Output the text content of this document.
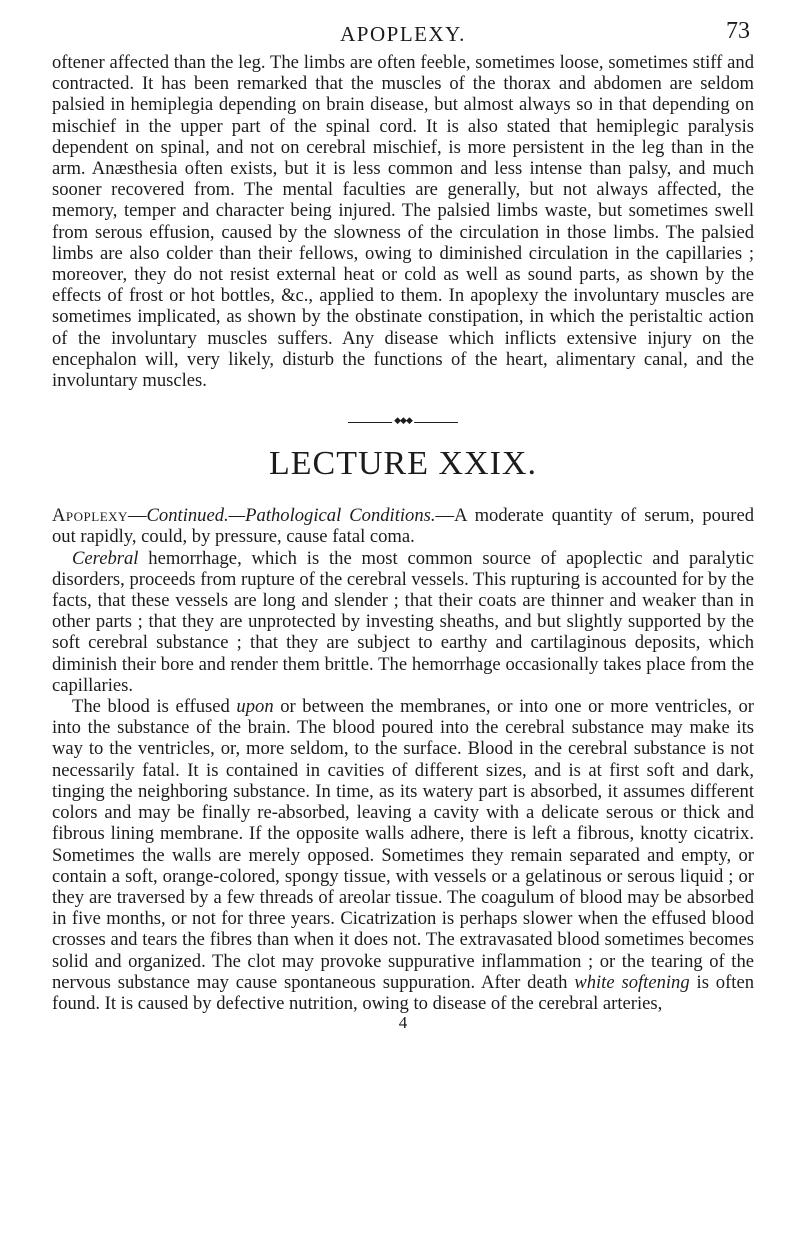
APOPLEXY.	73

oftener affected than the leg. The limbs are often feeble, sometimes loose, sometimes stiff and contracted. It has been remarked that the muscles of the thorax and abdomen are seldom palsied in hemiplegia depending on brain disease, but almost always so in that depending on mischief in the upper part of the spinal cord. It is also stated that hemiplegic paralysis dependent on spinal, and not on cerebral mischief, is more persistent in the leg than in the arm. Anæsthesia often exists, but it is less common and less intense than palsy, and much sooner recovered from. The mental faculties are generally, but not always affected, the memory, temper and character being injured. The palsied limbs waste, but sometimes swell from serous effusion, caused by the slowness of the circulation in those limbs. The palsied limbs are also colder than their fellows, owing to diminished circulation in the capillaries ; moreover, they do not resist external heat or cold as well as sound parts, as shown by the effects of frost or hot bottles, &c., applied to them. In apoplexy the involuntary muscles are sometimes implicated, as shown by the obstinate constipation, in which the peristaltic action of the involuntary muscles suffers. Any disease which inflicts extensive injury on the encephalon will, very likely, disturb the functions of the heart, alimentary canal, and the involuntary muscles.

◆◆◆
LECTURE XXIX.

Apoplexy—Continued.—Pathological Conditions.—A moderate quantity of serum, poured out rapidly, could, by pressure, cause fatal coma.

Cerebral hemorrhage, which is the most common source of apoplectic and paralytic disorders, proceeds from rupture of the cerebral vessels. This rupturing is accounted for by the facts, that these vessels are long and slender ; that their coats are thinner and weaker than in other parts ; that they are unprotected by investing sheaths, and but slightly supported by the soft cerebral substance ; that they are subject to earthy and cartilaginous deposits, which diminish their bore and render them brittle. The hemorrhage occasionally takes place from the capillaries.

The blood is effused upon or between the membranes, or into one or more ventricles, or into the substance of the brain. The blood poured into the cerebral substance may make its way to the ventricles, or, more seldom, to the surface. Blood in the cerebral substance is not necessarily fatal. It is contained in cavities of different sizes, and is at first soft and dark, tinging the neighboring substance. In time, as its watery part is absorbed, it assumes different colors and may be finally re-absorbed, leaving a cavity with a delicate serous or thick and fibrous lining membrane. If the opposite walls adhere, there is left a fibrous, knotty cicatrix. Sometimes the walls are merely opposed. Sometimes they remain separated and empty, or contain a soft, orange-colored, spongy tissue, with vessels or a gelatinous or serous liquid ; or they are traversed by a few threads of areolar tissue. The coagulum of blood may be absorbed in five months, or not for three years. Cicatrization is perhaps slower when the effused blood crosses and tears the fibres than when it does not. The extravasated blood sometimes becomes solid and organized. The clot may provoke suppurative inflammation ; or the tearing of the nervous substance may cause spontaneous suppuration. After death white softening is often found. It is caused by defective nutrition, owing to disease of the cerebral arteries,

4
